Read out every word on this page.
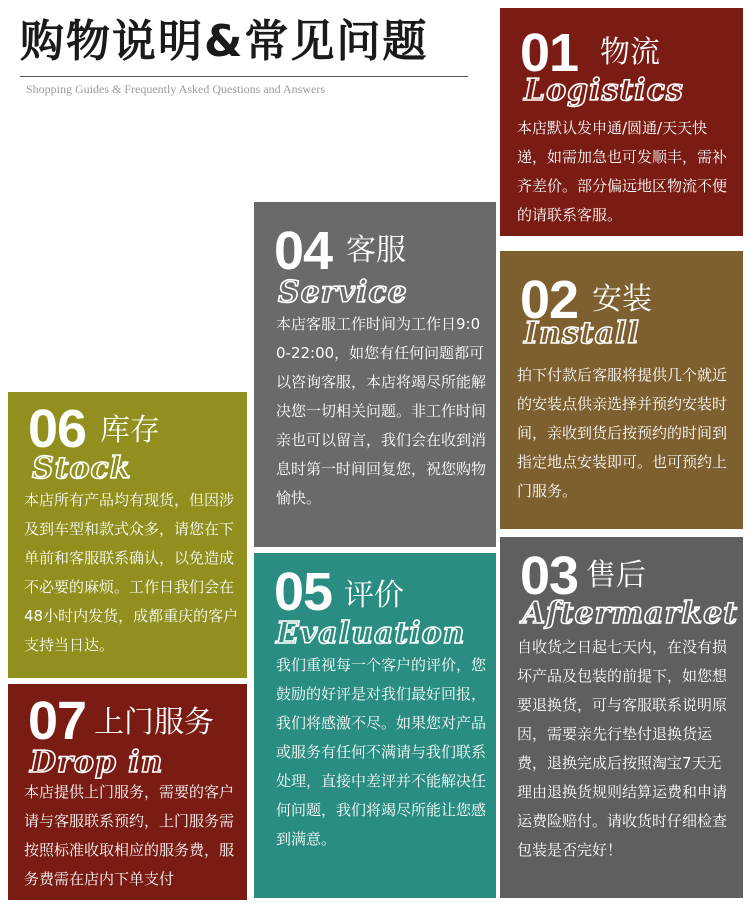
购物说明&常见问题
Shopping Guides & Frequently Asked Questions and Answers
01 物流
Logistics
本店默认发申通/圆通/天天快递，如需加急也可发顺丰，需补齐差价。部分偏远地区物流不便的请联系客服。
02 安装
Install
拍下付款后客服将提供几个就近的安装点供亲选择并预约安装时间，亲收到货后按预约的时间到指定地点安装即可。也可预约上门服务。
03 售后
Aftermarket
自收货之日起七天内，在没有损坏产品及包装的前提下，如您想要退换货，可与客服联系说明原因，需要亲先行垫付退换货运费，退换完成后按照淘宝7天无理由退换货规则结算运费和申请运费险赔付。请收货时仔细检查包装是否完好！
04 客服
Service
本店客服工作时间为工作日9:00-22:00，如您有任何问题都可以咨询客服，本店将竭尽所能解决您一切相关问题。非工作时间亲也可以留言，我们会在收到消息时第一时间回复您，祝您购物愉快。
05 评价
Evaluation
我们重视每一个客户的评价，您鼓励的好评是对我们最好回报，我们将感激不尽。如果您对产品或服务有任何不满请与我们联系处理，直接中差评并不能解决任何问题，我们将竭尽所能让您感到满意。
06 库存
Stock
本店所有产品均有现货，但因涉及到车型和款式众多，请您在下单前和客服联系确认，以免造成不必要的麻烦。工作日我们会在48小时内发货，成都重庆的客户支持当日达。
07 上门服务
Drop in
本店提供上门服务，需要的客户请与客服联系预约，上门服务需按照标准收取相应的服务费，服务费需在店内下单支付
